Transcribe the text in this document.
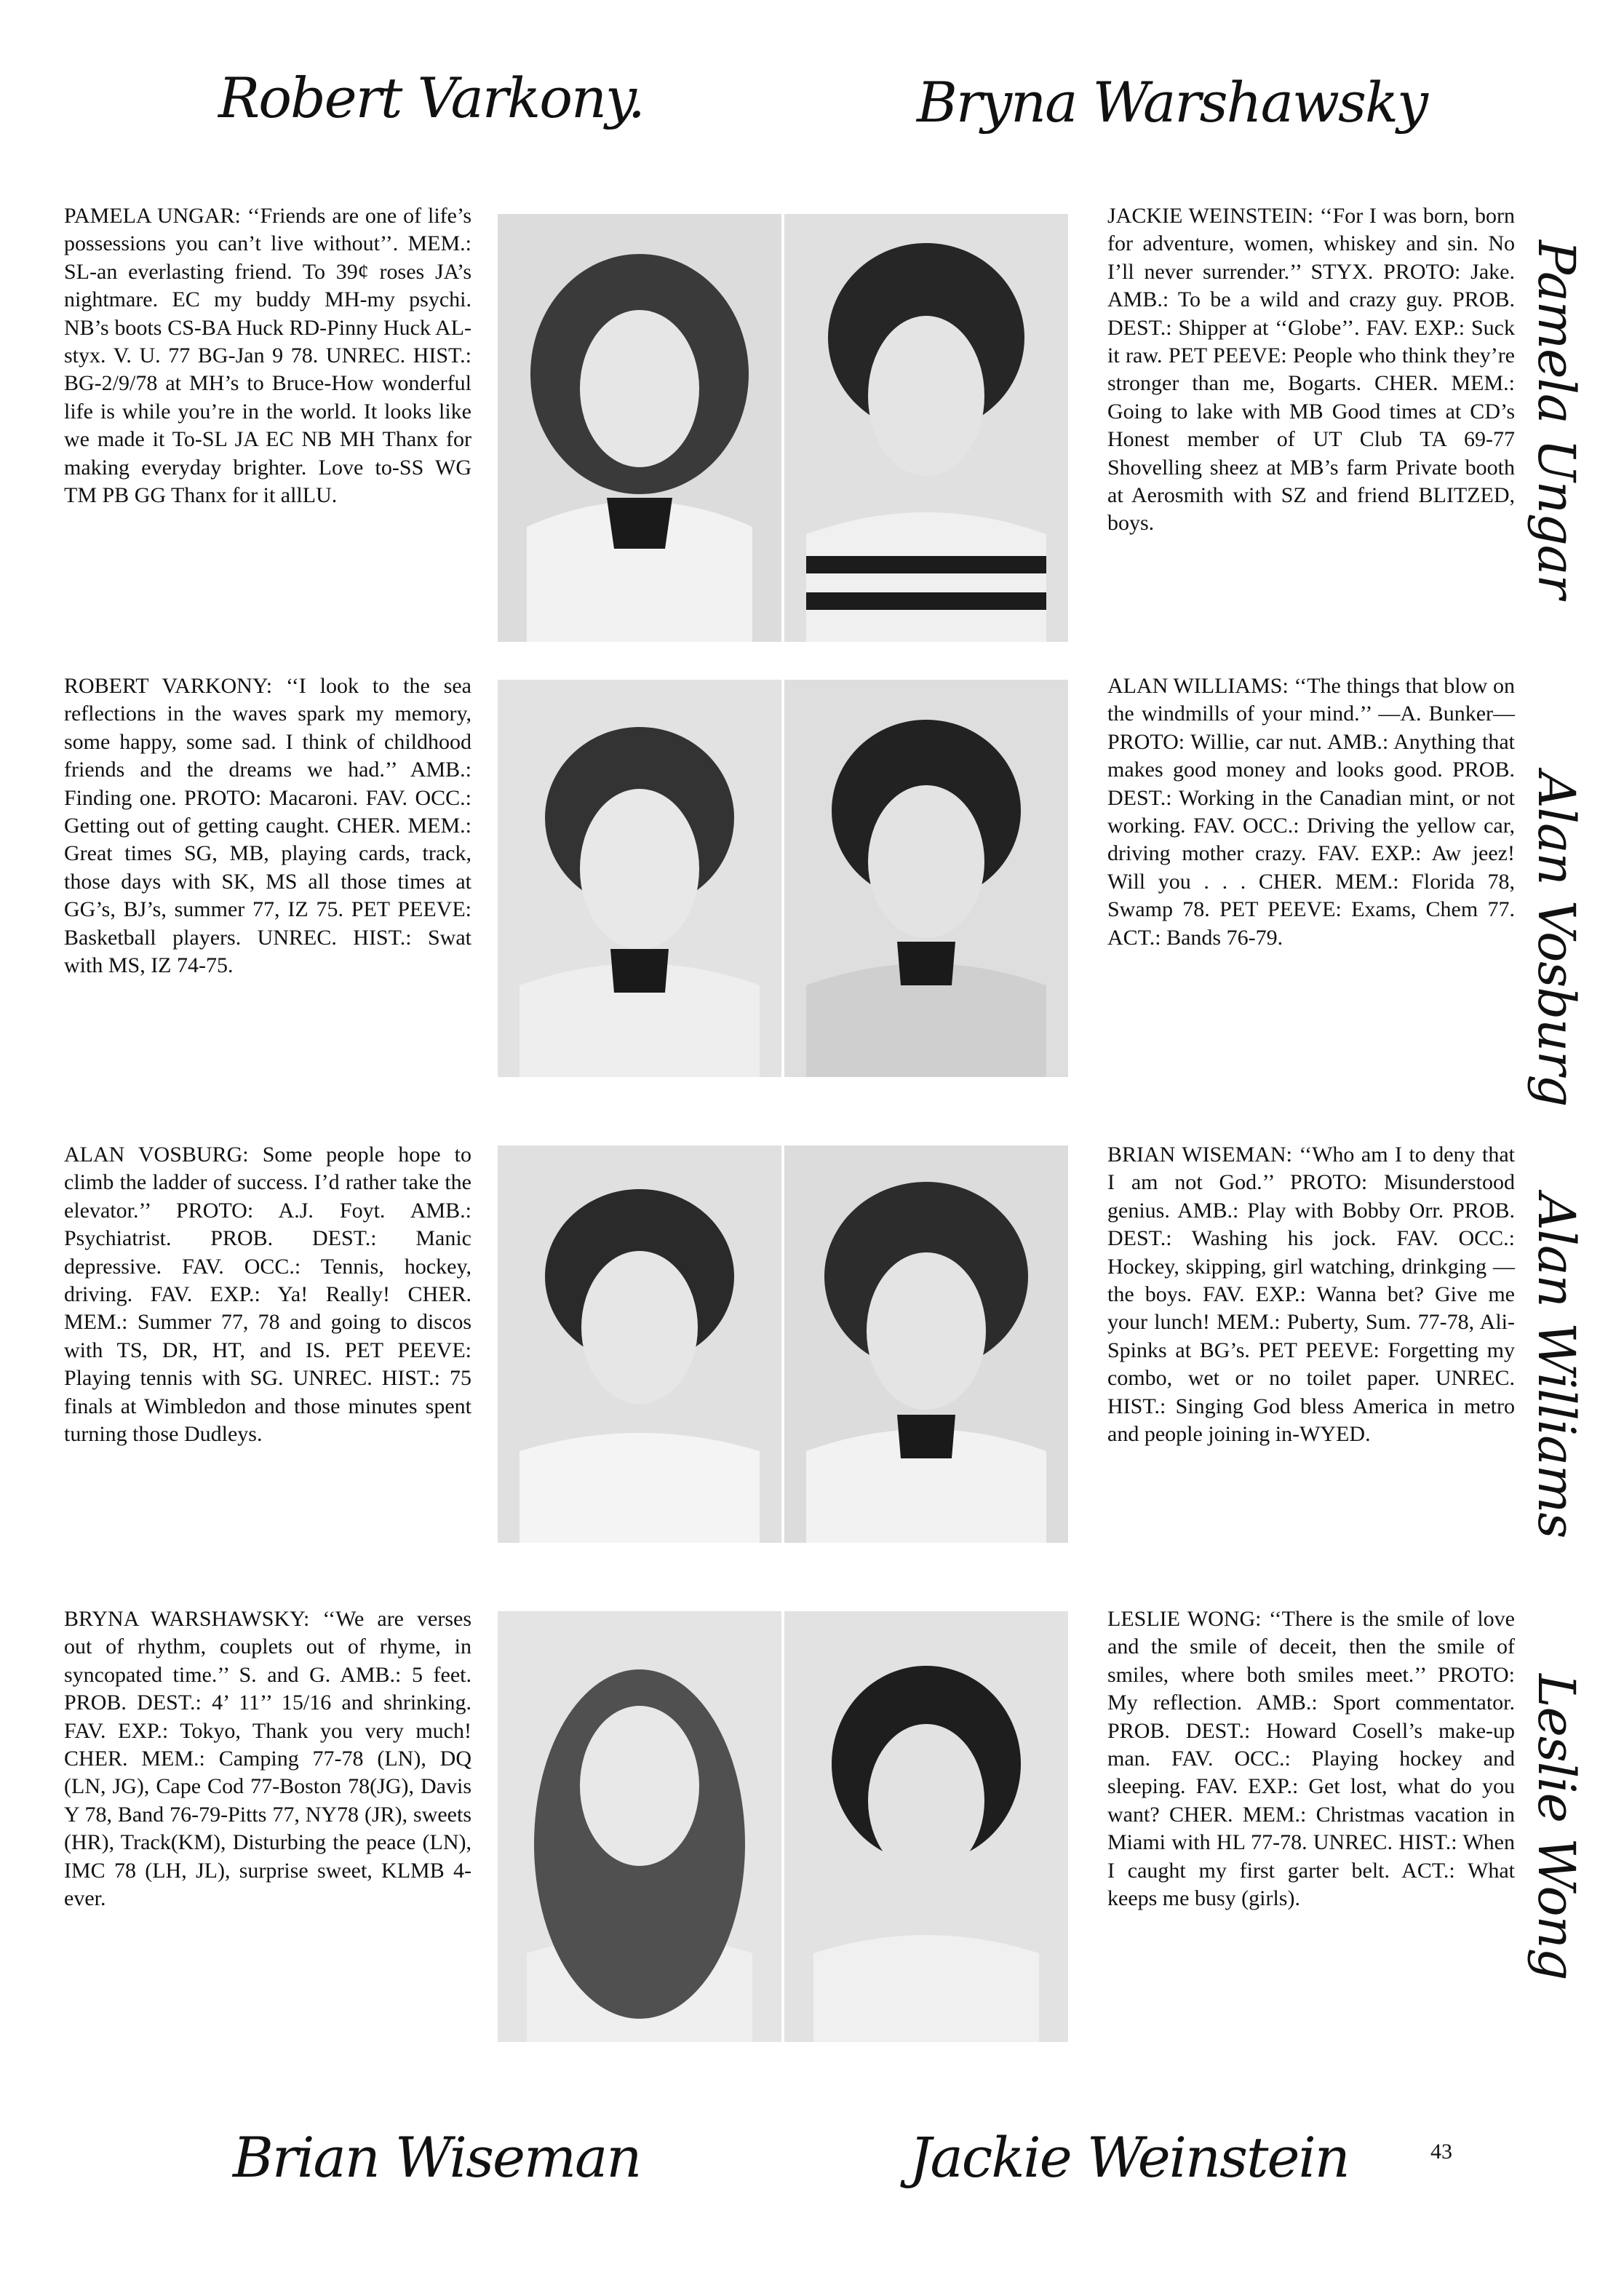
Robert Varkony.	Bryna Warshawsky
PAMELA UNGAR: ‘‘Friends are one of life’s possessions you can’t live without’’. MEM.: SL-an everlasting friend. To 39¢ roses JA’s nightmare. EC my buddy MH-my psychi. NB’s boots CS-BA Huck RD-Pinny Huck AL-styx. V. U. 77 BG-Jan 9 78. UNREC. HIST.: BG-2/9/78 at MH’s to Bruce-How wonderful life is while you’re in the world. It looks like we made it To-SL JA EC NB MH Thanx for making everyday brighter. Love to-SS WG TM PB GG Thanx for it allLU.
JACKIE WEINSTEIN: ‘‘For I was born, born for adventure, women, whiskey and sin. No I’ll never surrender.’’ STYX. PROTO: Jake. AMB.: To be a wild and crazy guy. PROB. DEST.: Shipper at ‘‘Globe’’. FAV. EXP.: Suck it raw. PET PEEVE: People who think they’re stronger than me, Bogarts. CHER. MEM.: Going to lake with MB Good times at CD’s Honest member of UT Club TA 69-77 Shovelling sheez at MB’s farm Private booth at Aerosmith with SZ and friend BLITZED, boys.
ROBERT VARKONY: ‘‘I look to the sea reflections in the waves spark my memory, some happy, some sad. I think of childhood friends and the dreams we had.’’ AMB.: Finding one. PROTO: Macaroni. FAV. OCC.: Getting out of getting caught. CHER. MEM.: Great times SG, MB, playing cards, track, those days with SK, MS all those times at GG’s, BJ’s, summer 77, IZ 75. PET PEEVE: Basketball players. UNREC. HIST.: Swat with MS, IZ 74-75.
ALAN WILLIAMS: ‘‘The things that blow on the windmills of your mind.’’ —A. Bunker— PROTO: Willie, car nut. AMB.: Anything that makes good money and looks good. PROB. DEST.: Working in the Canadian mint, or not working. FAV. OCC.: Driving the yellow car, driving mother crazy. FAV. EXP.: Aw jeez! Will you . . . CHER. MEM.: Florida 78, Swamp 78. PET PEEVE: Exams, Chem 77. ACT.: Bands 76-79.
ALAN VOSBURG: Some people hope to climb the ladder of success. I’d rather take the elevator.’’ PROTO: A.J. Foyt. AMB.: Psychiatrist. PROB. DEST.: Manic depressive. FAV. OCC.: Tennis, hockey, driving. FAV. EXP.: Ya! Really! CHER. MEM.: Summer 77, 78 and going to discos with TS, DR, HT, and IS. PET PEEVE: Playing tennis with SG. UNREC. HIST.: 75 finals at Wimbledon and those minutes spent turning those Dudleys.
BRIAN WISEMAN: ‘‘Who am I to deny that I am not God.’’ PROTO: Misunderstood genius. AMB.: Play with Bobby Orr. PROB. DEST.: Washing his jock. FAV. OCC.: Hockey, skipping, girl watching, drinkging — the boys. FAV. EXP.: Wanna bet? Give me your lunch! MEM.: Puberty, Sum. 77-78, Ali-Spinks at BG’s. PET PEEVE: Forgetting my combo, wet or no toilet paper. UNREC. HIST.: Singing God bless America in metro and people joining in-WYED.
BRYNA WARSHAWSKY: ‘‘We are verses out of rhythm, couplets out of rhyme, in syncopated time.’’ S. and G. AMB.: 5 feet. PROB. DEST.: 4’ 11’’ 15/16 and shrinking. FAV. EXP.: Tokyo, Thank you very much! CHER. MEM.: Camping 77-78 (LN), DQ (LN, JG), Cape Cod 77-Boston 78(JG), Davis Y 78, Band 76-79-Pitts 77, NY78 (JR), sweets (HR), Track(KM), Disturbing the peace (LN), IMC 78 (LH, JL), surprise sweet, KLMB 4-ever.
LESLIE WONG: ‘‘There is the smile of love and the smile of deceit, then the smile of smiles, where both smiles meet.’’ PROTO: My reflection. AMB.: Sport commentator. PROB. DEST.: Howard Cosell’s make-up man. FAV. OCC.: Playing hockey and sleeping. FAV. EXP.: Get lost, what do you want? CHER. MEM.: Christmas vacation in Miami with HL 77-78. UNREC. HIST.: When I caught my first garter belt. ACT.: What keeps me busy (girls).
Pamela Ungar
Alan Vosburg
Alan Williams
Leslie Wong
Brian Wiseman	Jackie Weinstein	43
